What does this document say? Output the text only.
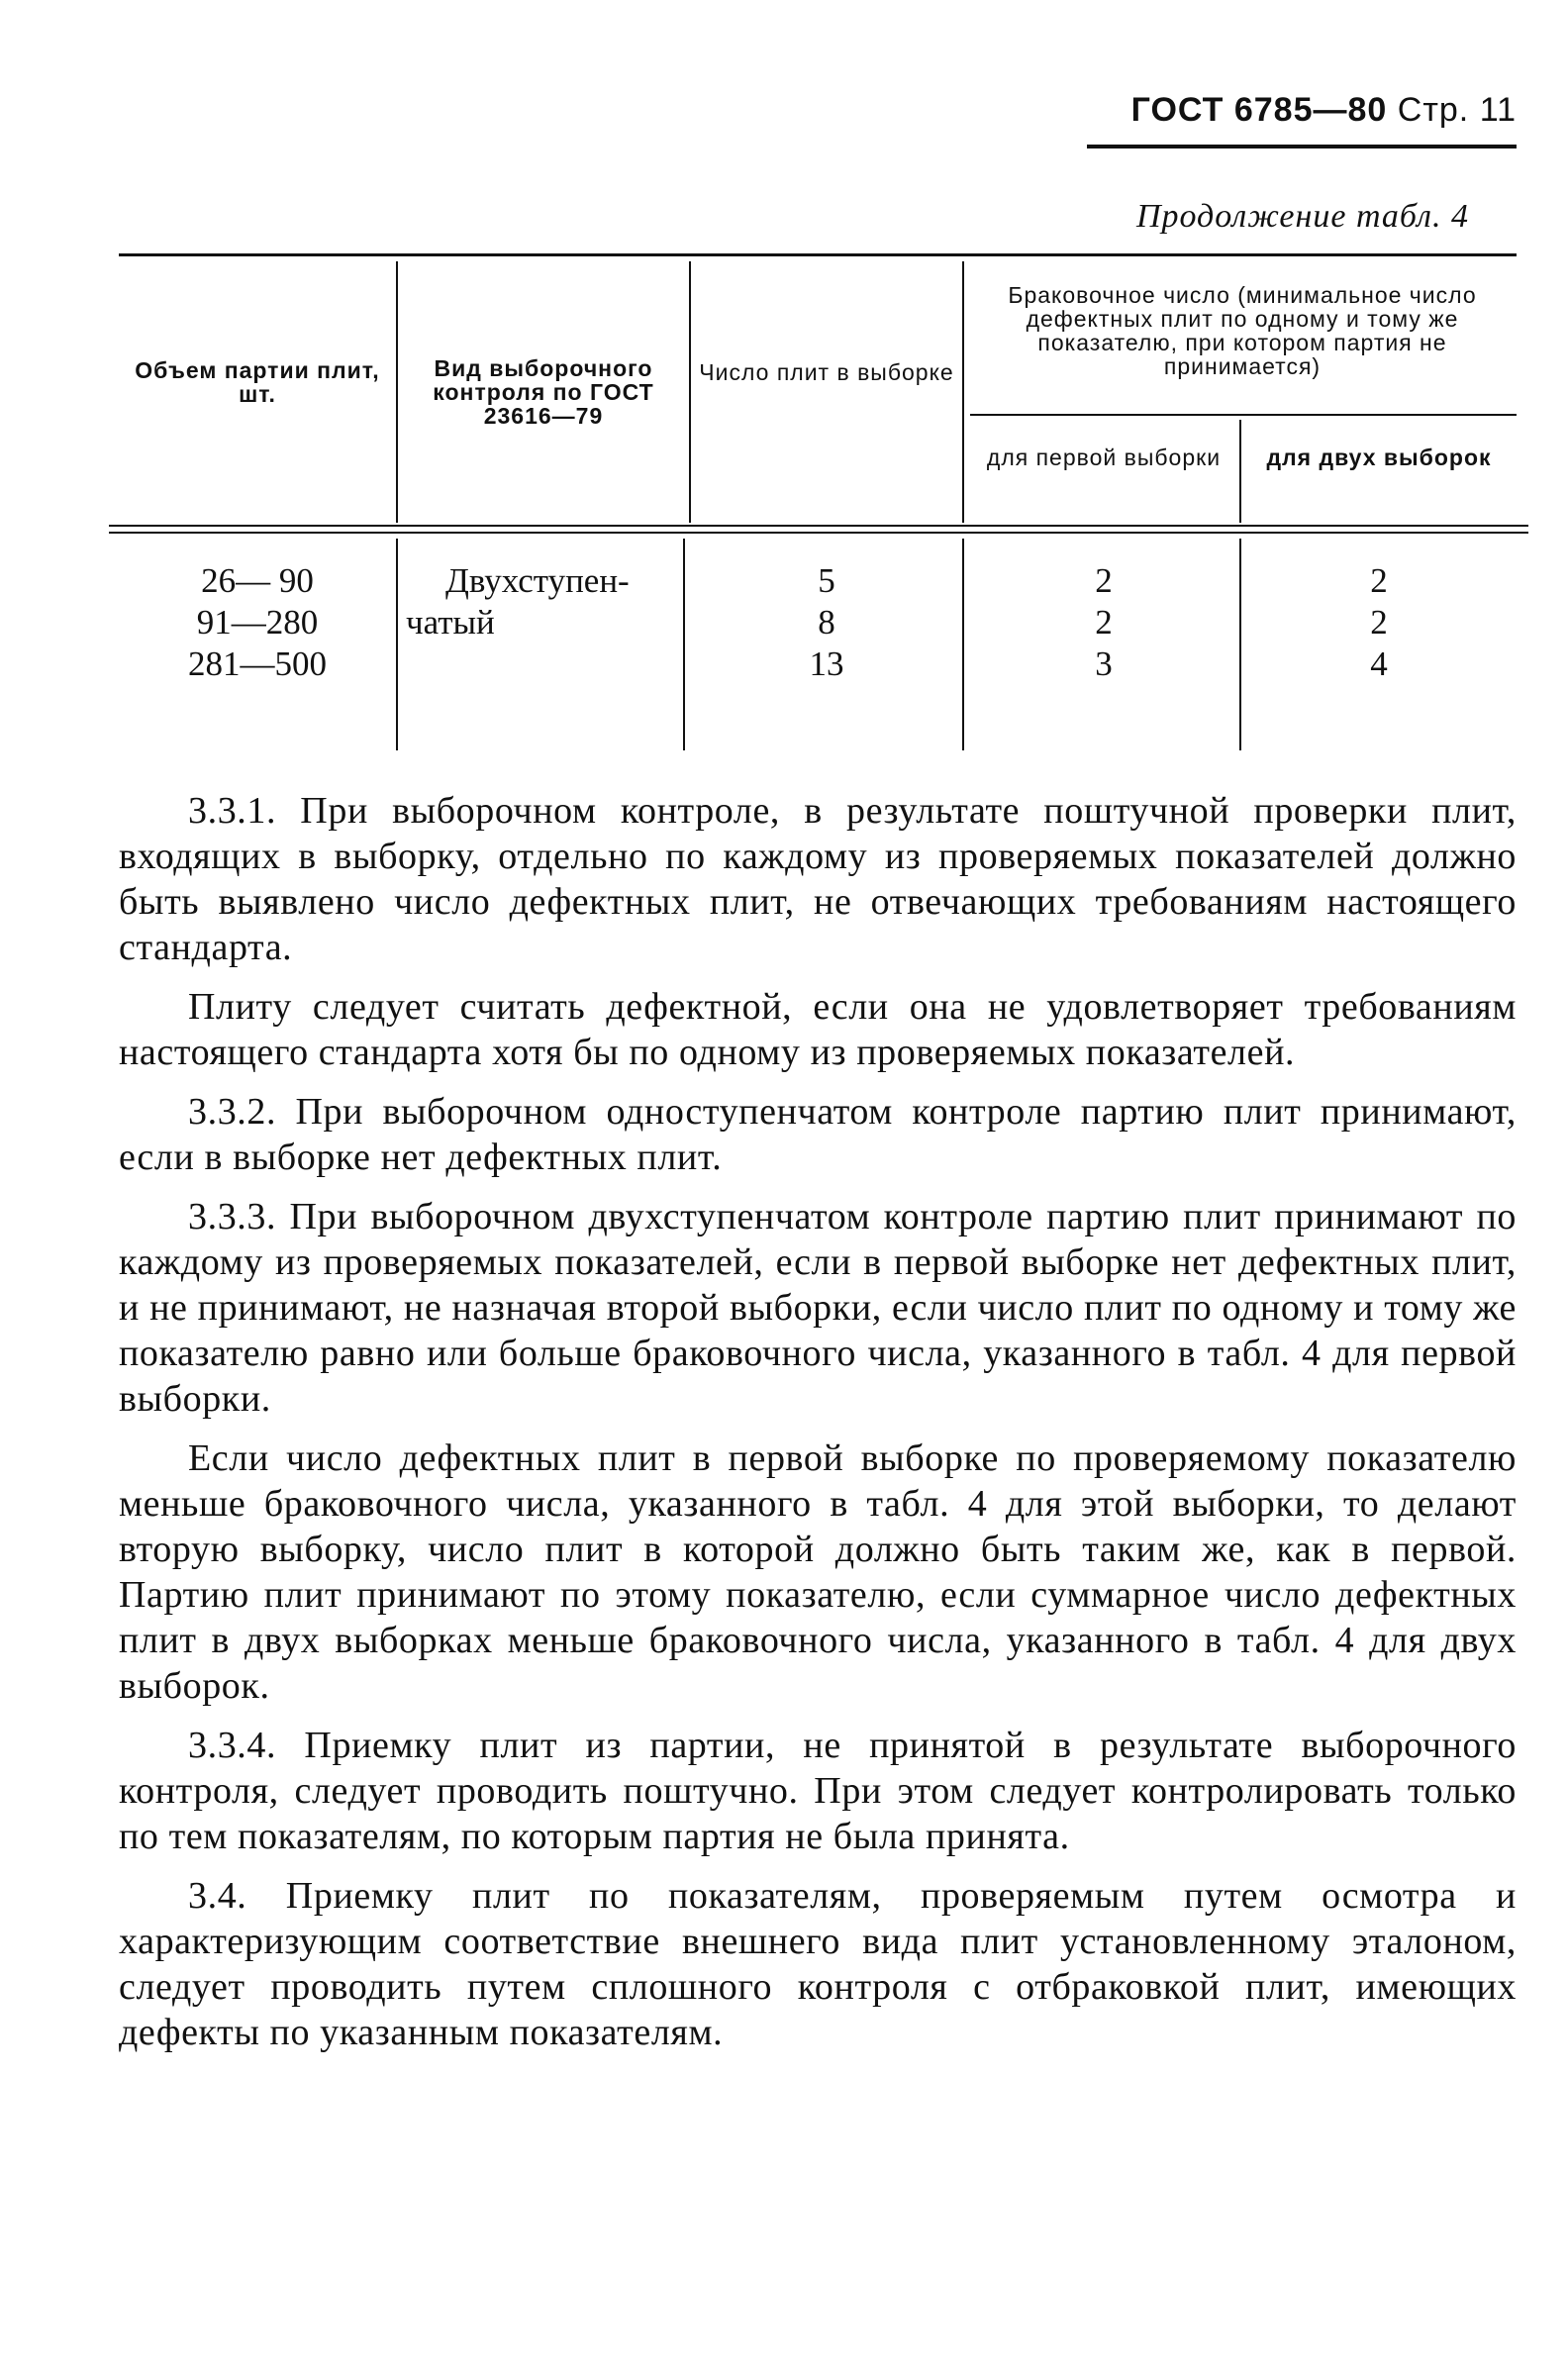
ГОСТ 6785—80 Стр. 11
Продолжение табл. 4
Объем партии плит, шт.
Вид выборочного контроля по ГОСТ 23616—79
Число плит в выборке
Браковочное число (минимальное число дефектных плит по одному и тому же показателю, при котором партия не принимается)
для первой выборки	для двух выборок
26— 90
91—280
281—500
Двухступен-чатый
5
8
13
2
2
3
2
2
4

3.3.1. При выборочном контроле, в результате поштучной проверки плит, входящих в выборку, отдельно по каждому из проверяемых показателей должно быть выявлено число дефектных плит, не отвечающих требованиям настоящего стандарта.

Плиту следует считать дефектной, если она не удовлетворяет требованиям настоящего стандарта хотя бы по одному из проверяемых показателей.

3.3.2. При выборочном одноступенчатом контроле партию плит принимают, если в выборке нет дефектных плит.

3.3.3. При выборочном двухступенчатом контроле партию плит принимают по каждому из проверяемых показателей, если в первой выборке нет дефектных плит, и не принимают, не назначая второй выборки, если число плит по одному и тому же показателю равно или больше браковочного числа, указанного в табл. 4 для первой выборки.

Если число дефектных плит в первой выборке по проверяемому показателю меньше браковочного числа, указанного в табл. 4 для этой выборки, то делают вторую выборку, число плит в которой должно быть таким же, как в первой. Партию плит принимают по этому показателю, если суммарное число дефектных плит в двух выборках меньше браковочного числа, указанного в табл. 4 для двух выборок.

3.3.4. Приемку плит из партии, не принятой в результате выборочного контроля, следует проводить поштучно. При этом следует контролировать только по тем показателям, по которым партия не была принята.

3.4. Приемку плит по показателям, проверяемым путем осмотра и характеризующим соответствие внешнего вида плит установленному эталоном, следует проводить путем сплошного контроля с отбраковкой плит, имеющих дефекты по указанным показателям.
